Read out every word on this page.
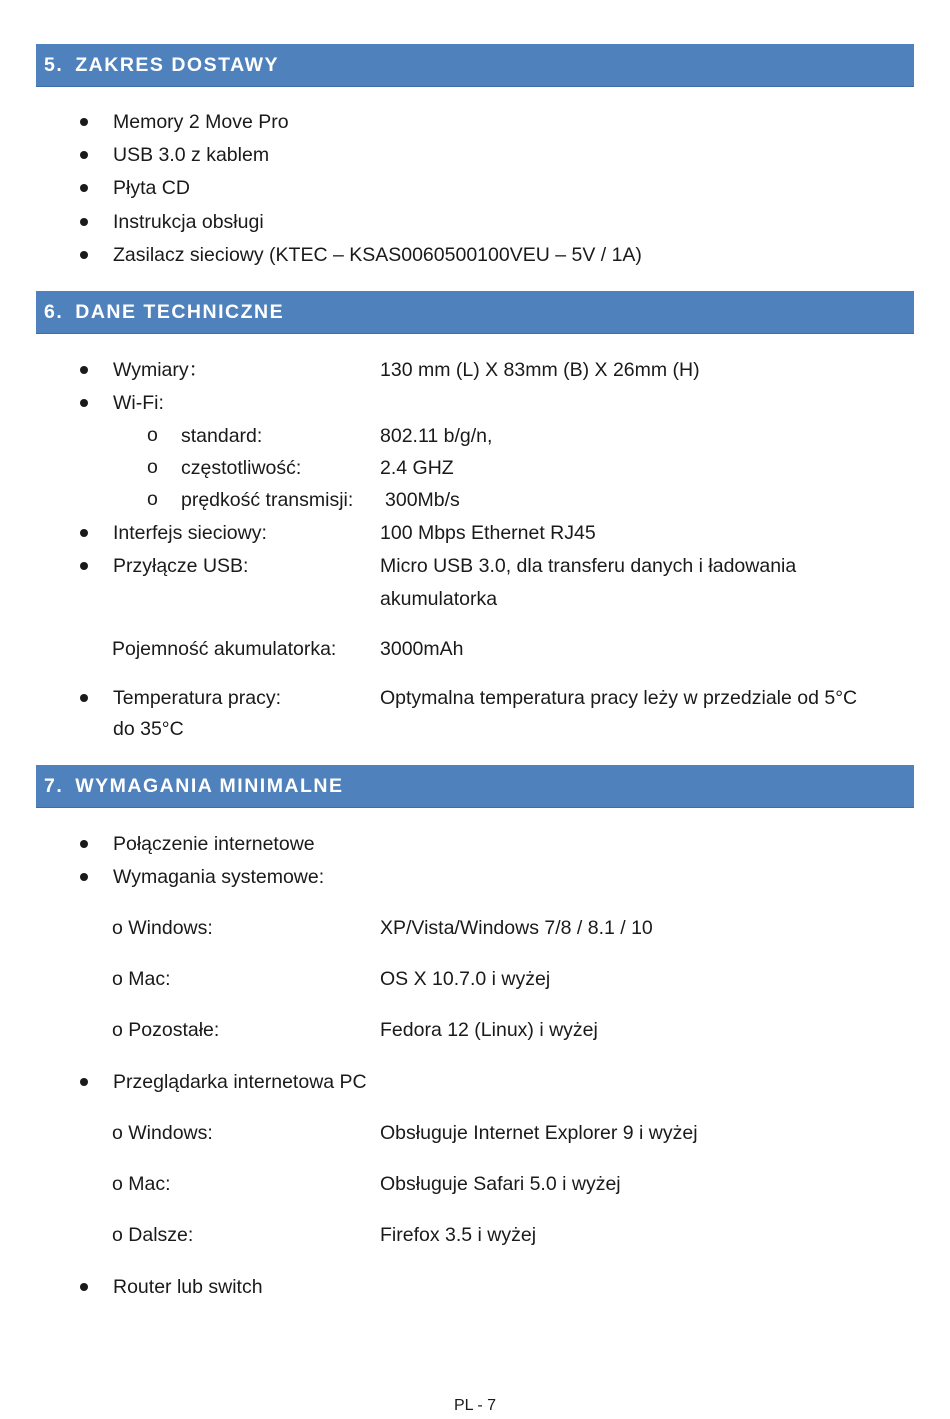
5. ZAKRES DOSTAWY
Memory 2 Move Pro
USB 3.0 z kablem
Płyta CD
Instrukcja obsługi
Zasilacz sieciowy (KTEC – KSAS0060500100VEU – 5V / 1A)
6. DANE TECHNICZNE
Wymiary：	130 mm (L) X 83mm (B) X 26mm (H)
Wi-Fi:
o standard:	802.11 b/g/n,
o częstotliwość:	2.4 GHZ
o prędkość transmisji: 300Mb/s
Interfejs sieciowy:	100 Mbps Ethernet RJ45
Przyłącze USB:	Micro USB 3.0, dla transferu danych i ładowania
akumulatorka
Pojemność akumulatorka: 3000mAh
Temperatura pracy:	Optymalna temperatura pracy leży w przedziale od 5°C
do 35°C
7. WYMAGANIA MINIMALNE
Połączenie internetowe
Wymagania systemowe:
o Windows:	XP/Vista/Windows 7/8 / 8.1 / 10
o Mac:	OS X 10.7.0 i wyżej
o Pozostałe:	Fedora 12 (Linux) i wyżej
Przeglądarka internetowa PC
o Windows:	Obsługuje Internet Explorer 9 i wyżej
o Mac:	Obsługuje Safari 5.0 i wyżej
o Dalsze:	Firefox 3.5 i wyżej
Router lub switch
PL - 7
